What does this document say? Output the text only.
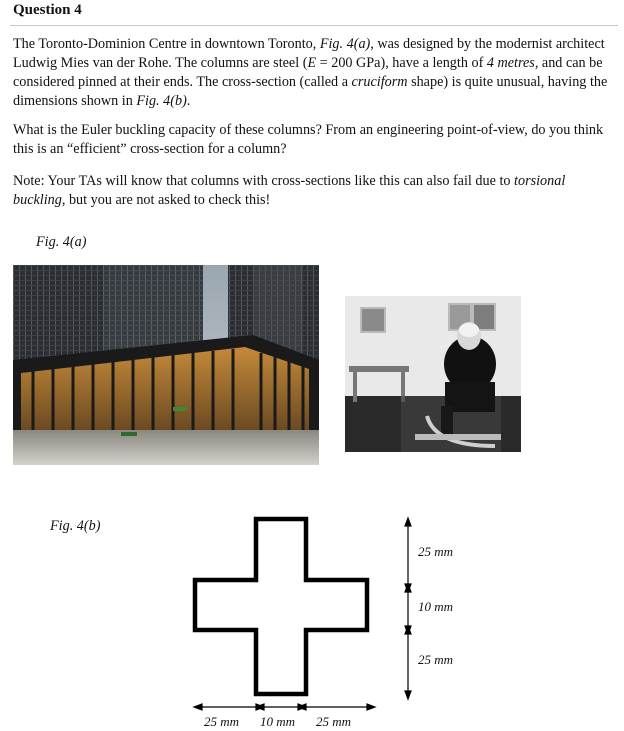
Question 4
The Toronto-Dominion Centre in downtown Toronto, Fig. 4(a), was designed by the modernist architect Ludwig Mies van der Rohe. The columns are steel (E = 200 GPa), have a length of 4 metres, and can be considered pinned at their ends. The cross-section (called a cruciform shape) is quite unusual, having the dimensions shown in Fig. 4(b).
What is the Euler buckling capacity of these columns? From an engineering point-of-view, do you think this is an “efficient” cross-section for a column?
Note: Your TAs will know that columns with cross-sections like this can also fail due to torsional buckling, but you are not asked to check this!
Fig. 4(a)
Fig. 4(b)
25 mm
10 mm
25 mm
25 mm 10 mm 25 mm
